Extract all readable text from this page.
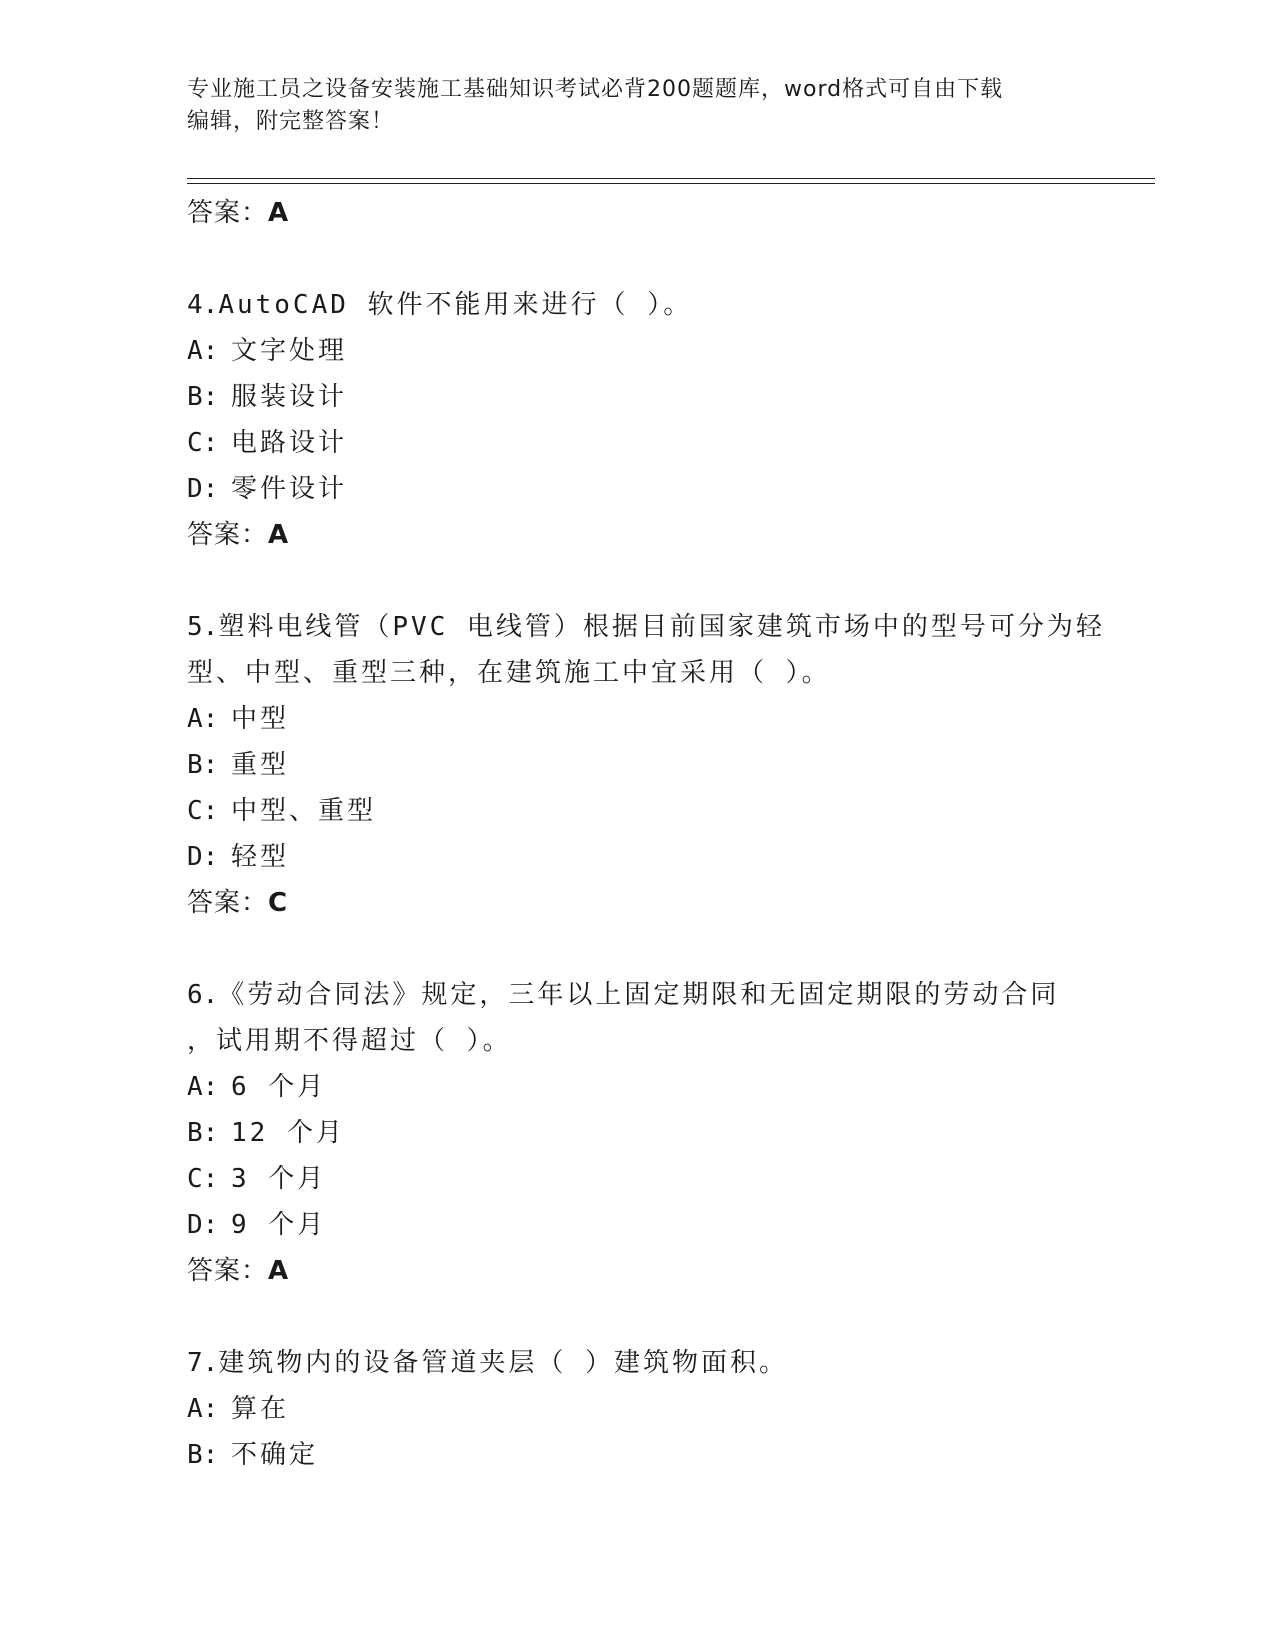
专业施工员之设备安装施工基础知识考试必背200题题库，word格式可自由下载
编辑，附完整答案！
答案：A
4.AutoCAD 软件不能用来进行（ ）。
A: 文字处理
B: 服装设计
C: 电路设计
D: 零件设计
答案：A
5.塑料电线管（PVC 电线管）根据目前国家建筑市场中的型号可分为轻
型、中型、重型三种，在建筑施工中宜采用（ ）。
A: 中型
B: 重型
C: 中型、重型
D: 轻型
答案：C
6.《劳动合同法》规定，三年以上固定期限和无固定期限的劳动合同
，试用期不得超过（ ）。
A: 6 个月
B: 12 个月
C: 3 个月
D: 9 个月
答案：A
7.建筑物内的设备管道夹层（ ）建筑物面积。
A: 算在
B: 不确定
